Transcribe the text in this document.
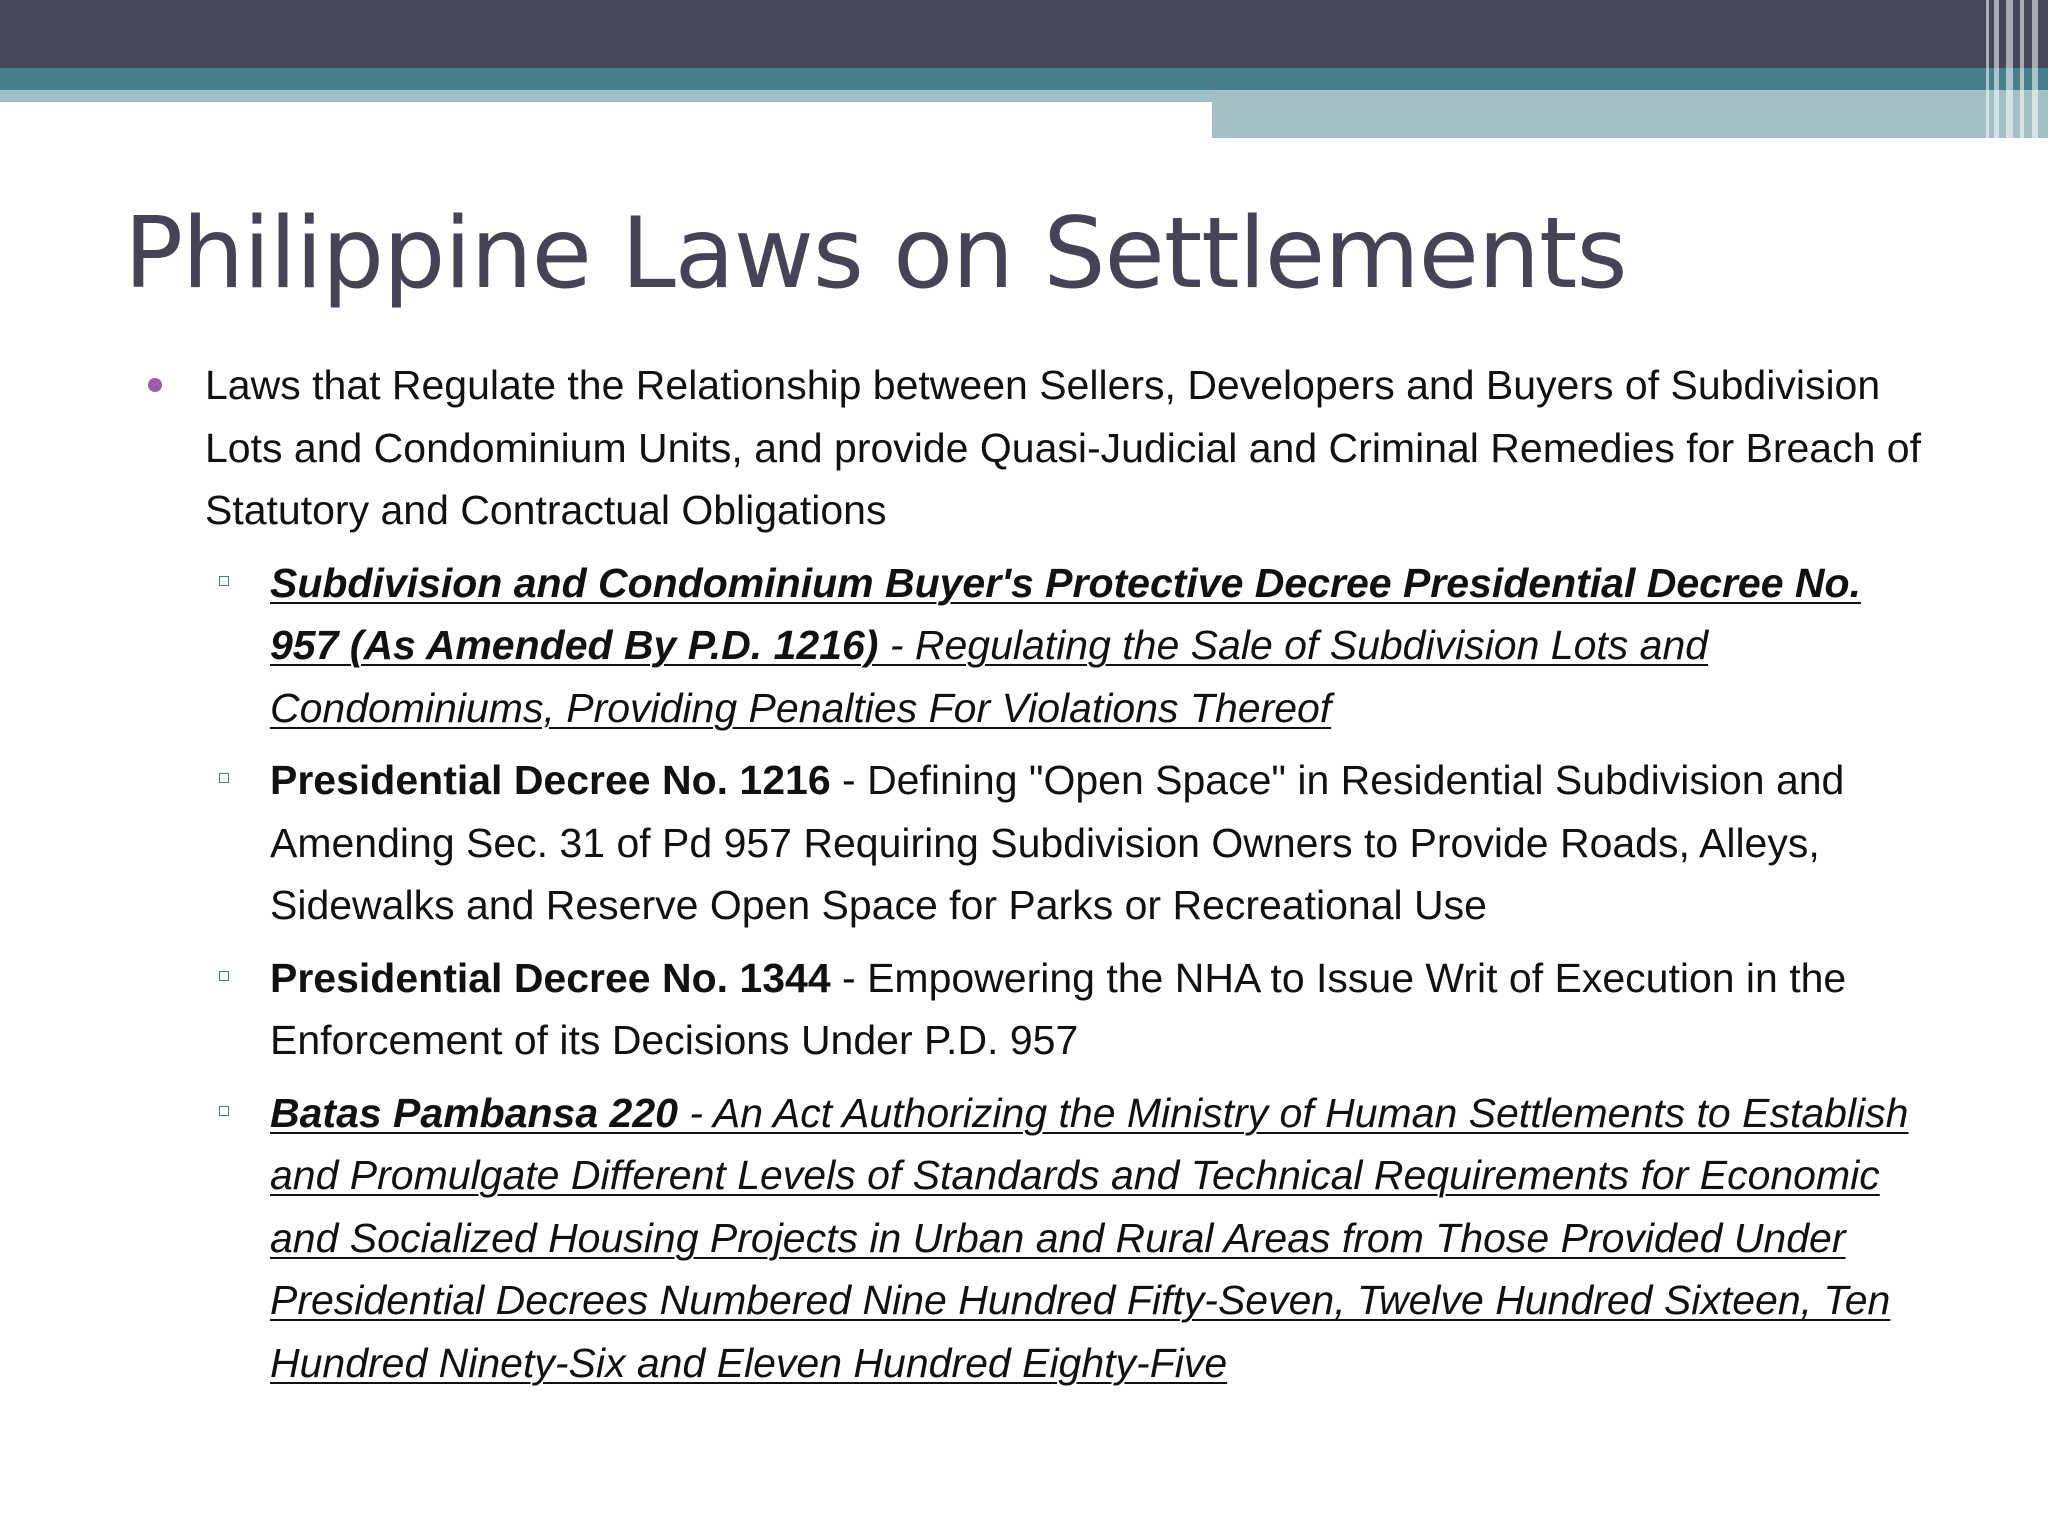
Philippine Laws on Settlements

Laws that Regulate the Relationship between Sellers, Developers and Buyers of Subdivision Lots and Condominium Units, and provide Quasi-Judicial and Criminal Remedies for Breach of Statutory and Contractual Obligations

Subdivision and Condominium Buyer's Protective Decree Presidential Decree No. 957 (As Amended By P.D. 1216) - Regulating the Sale of Subdivision Lots and Condominiums, Providing Penalties For Violations Thereof

Presidential Decree No. 1216 - Defining "Open Space" in Residential Subdivision and Amending Sec. 31 of Pd 957 Requiring Subdivision Owners to Provide Roads, Alleys, Sidewalks and Reserve Open Space for Parks or Recreational Use

Presidential Decree No. 1344 - Empowering the NHA to Issue Writ of Execution in the Enforcement of its Decisions Under P.D. 957

Batas Pambansa 220 - An Act Authorizing the Ministry of Human Settlements to Establish and Promulgate Different Levels of Standards and Technical Requirements for Economic and Socialized Housing Projects in Urban and Rural Areas from Those Provided Under Presidential Decrees Numbered Nine Hundred Fifty-Seven, Twelve Hundred Sixteen, Ten Hundred Ninety-Six and Eleven Hundred Eighty-Five
